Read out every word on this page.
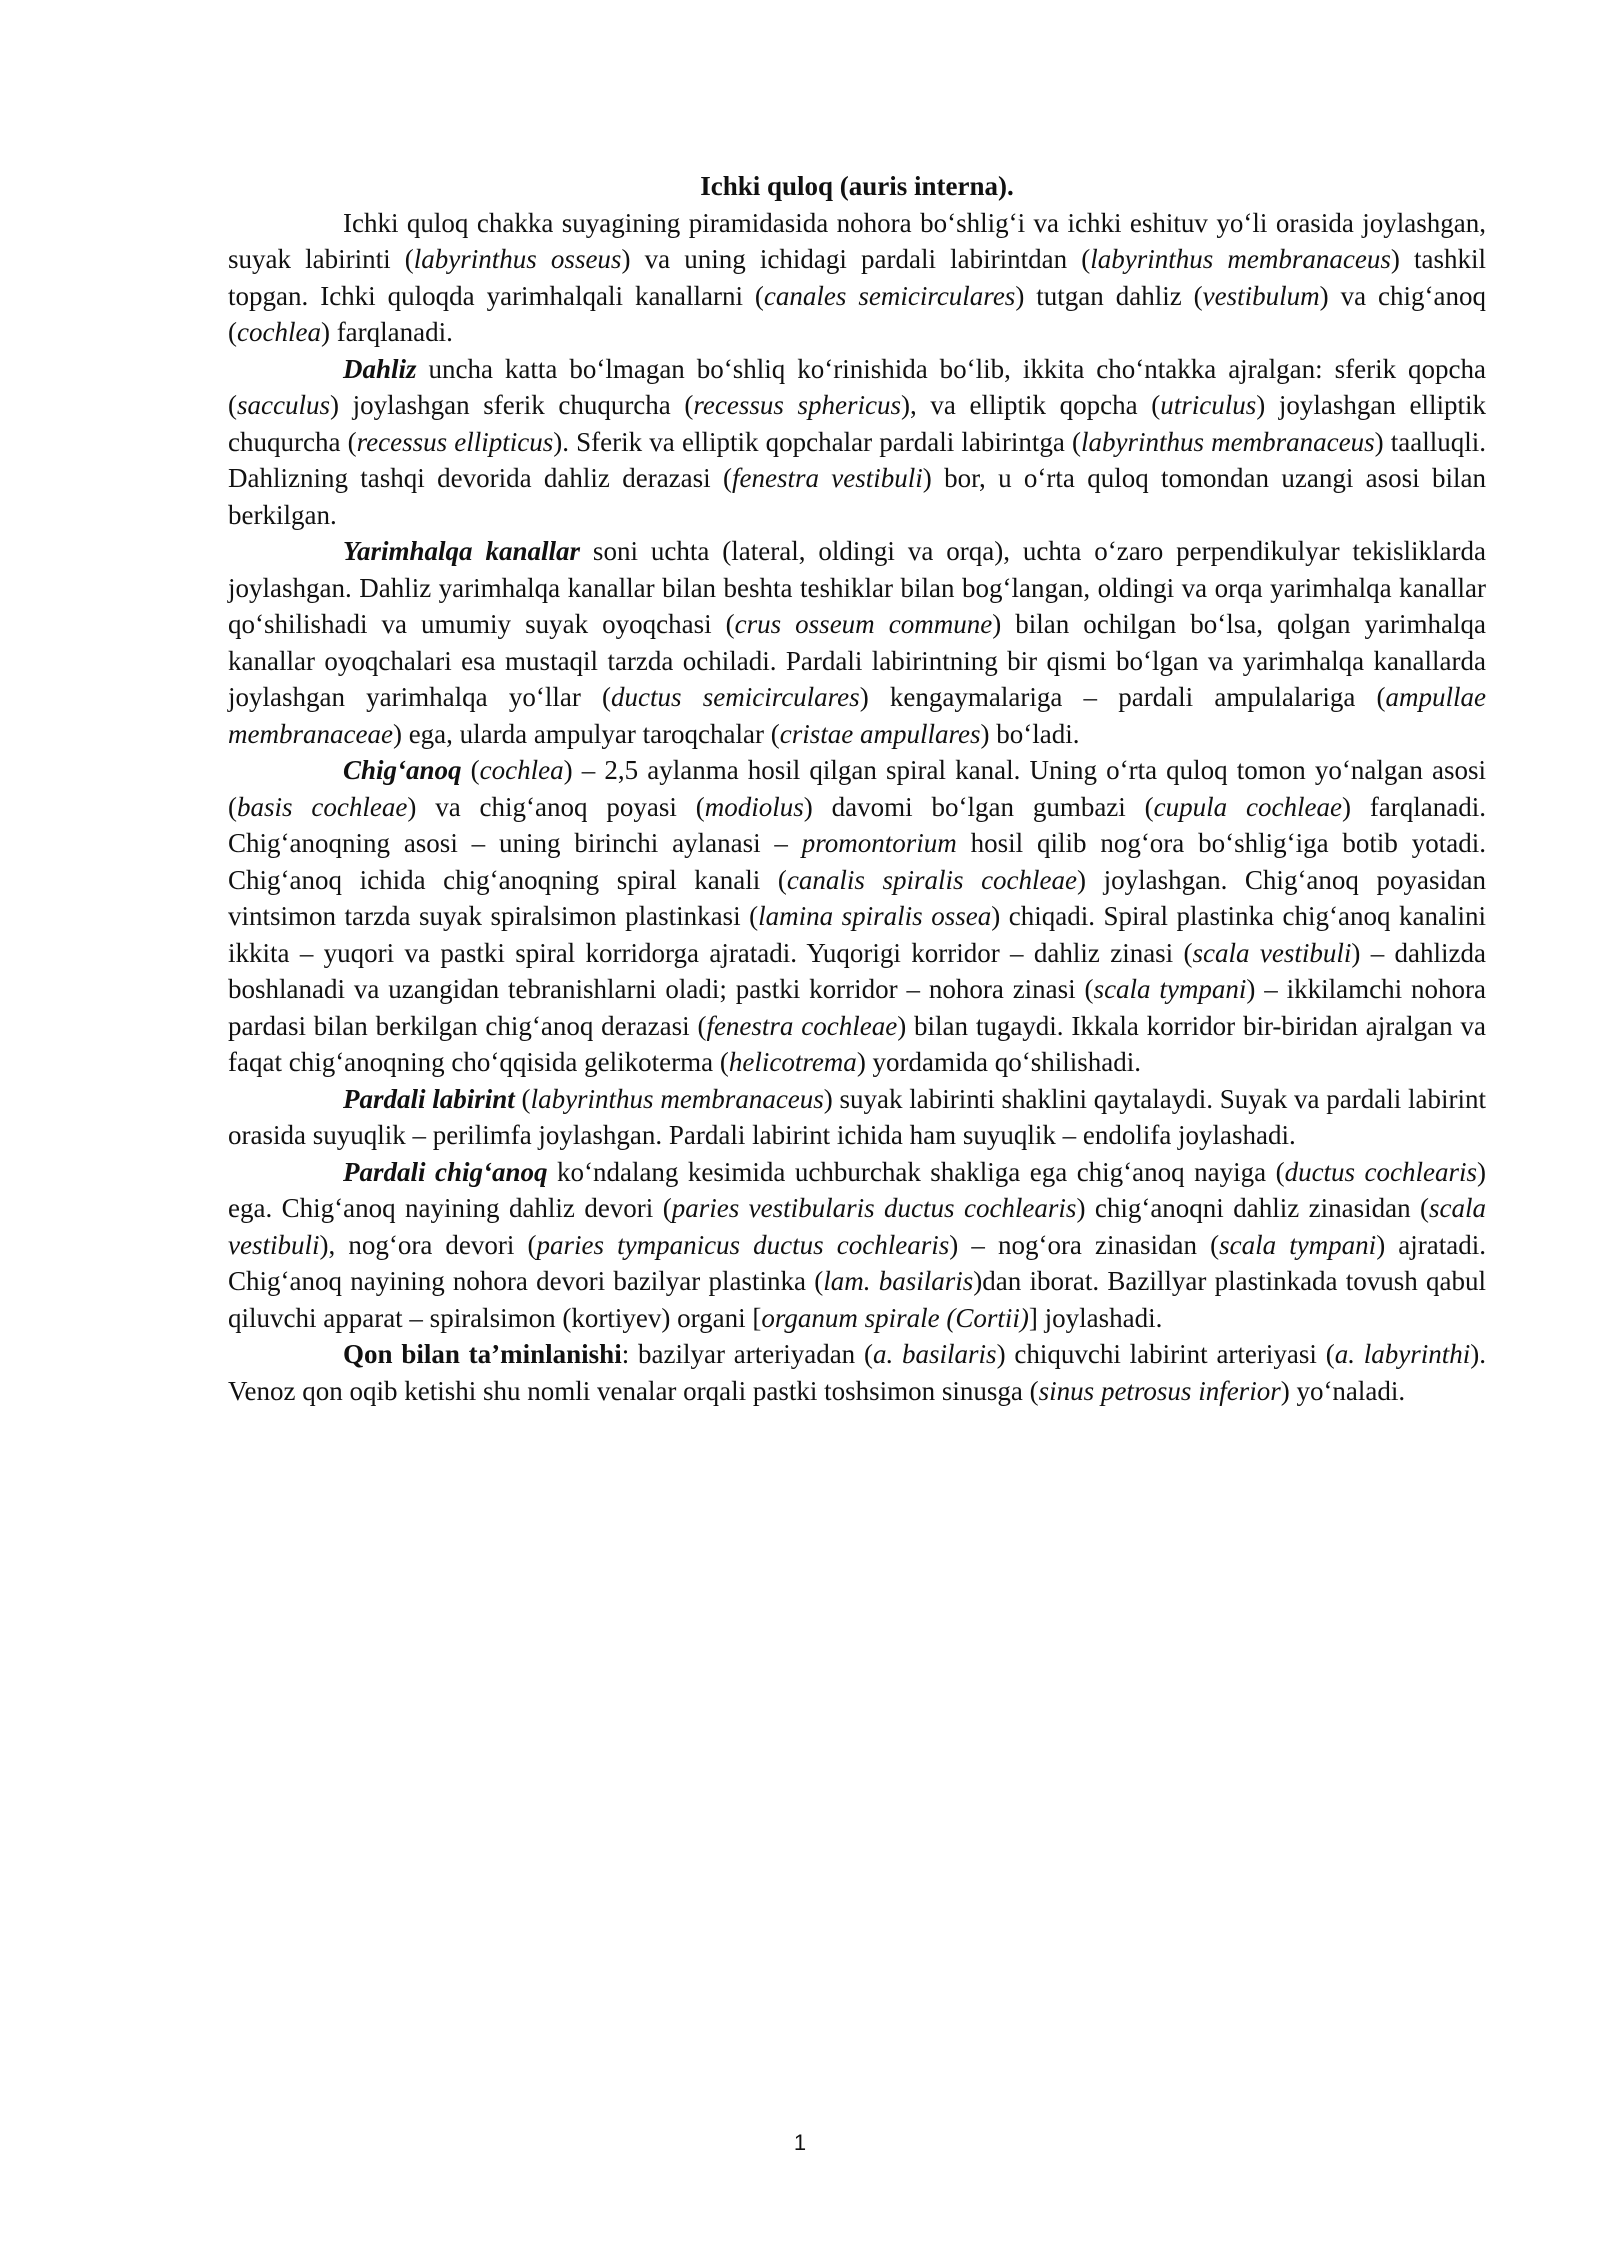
Ichki quloq (auris interna).

Ichki quloq chakka suyagining piramidasida nohora bo‘shlig‘i va ichki eshituv yo‘li orasida joylashgan, suyak labirinti (labyrinthus osseus) va uning ichidagi pardali labirintdan (labyrinthus membranaceus) tashkil topgan. Ichki quloqda yarimhalqali kanallarni (canales semicirculares) tutgan dahliz (vestibulum) va chig‘anoq (cochlea) farqlanadi.

Dahliz uncha katta bo‘lmagan bo‘shliq ko‘rinishida bo‘lib, ikkita cho‘ntakka ajralgan: sferik qopcha (sacculus) joylashgan sferik chuqurcha (recessus sphericus), va elliptik qopcha (utriculus) joylashgan elliptik chuqurcha (recessus ellipticus). Sferik va elliptik qopchalar pardali labirintga (labyrinthus membranaceus) taalluqli. Dahlizning tashqi devorida dahliz derazasi (fenestra vestibuli) bor, u o‘rta quloq tomondan uzangi asosi bilan berkilgan.

Yarimhalqa kanallar soni uchta (lateral, oldingi va orqa), uchta o‘zaro perpendikulyar tekisliklarda joylashgan. Dahliz yarimhalqa kanallar bilan beshta teshiklar bilan bog‘langan, oldingi va orqa yarimhalqa kanallar qo‘shilishadi va umumiy suyak oyoqchasi (crus osseum commune) bilan ochilgan bo‘lsa, qolgan yarimhalqa kanallar oyoqchalari esa mustaqil tarzda ochiladi. Pardali labirintning bir qismi bo‘lgan va yarimhalqa kanallarda joylashgan yarimhalqa yo‘llar (ductus semicirculares) kengaymalariga – pardali ampulalariga (ampullae membranaceae) ega, ularda ampulyar taroqchalar (cristae ampullares) bo‘ladi.

Chig‘anoq (cochlea) – 2,5 aylanma hosil qilgan spiral kanal. Uning o‘rta quloq tomon yo‘nalgan asosi (basis cochleae) va chig‘anoq poyasi (modiolus) davomi bo‘lgan gumbazi (cupula cochleae) farqlanadi. Chig‘anoqning asosi – uning birinchi aylanasi – promontorium hosil qilib nog‘ora bo‘shlig‘iga botib yotadi. Chig‘anoq ichida chig‘anoqning spiral kanali (canalis spiralis cochleae) joylashgan. Chig‘anoq poyasidan vintsimon tarzda suyak spiralsimon plastinkasi (lamina spiralis ossea) chiqadi. Spiral plastinka chig‘anoq kanalini ikkita – yuqori va pastki spiral korridorga ajratadi. Yuqorigi korridor – dahliz zinasi (scala vestibuli) – dahlizda boshlanadi va uzangidan tebranishlarni oladi; pastki korridor – nohora zinasi (scala tympani) – ikkilamchi nohora pardasi bilan berkilgan chig‘anoq derazasi (fenestra cochleae) bilan tugaydi. Ikkala korridor bir-biridan ajralgan va faqat chig‘anoqning cho‘qqisida gelikoterma (helicotrema) yordamida qo‘shilishadi.

Pardali labirint (labyrinthus membranaceus) suyak labirinti shaklini qaytalaydi. Suyak va pardali labirint orasida suyuqlik – perilimfa joylashgan. Pardali labirint ichida ham suyuqlik – endolifa joylashadi.

Pardali chig‘anoq ko‘ndalang kesimida uchburchak shakliga ega chig‘anoq nayiga (ductus cochlearis) ega. Chig‘anoq nayining dahliz devori (paries vestibularis ductus cochlearis) chig‘anoqni dahliz zinasidan (scala vestibuli), nog‘ora devori (paries tympanicus ductus cochlearis) – nog‘ora zinasidan (scala tympani) ajratadi. Chig‘anoq nayining nohora devori bazilyar plastinka (lam. basilaris)dan iborat. Bazillyar plastinkada tovush qabul qiluvchi apparat – spiralsimon (kortiyev) organi [organum spirale (Cortii)] joylashadi.

Qon bilan ta’minlanishi: bazilyar arteriyadan (a. basilaris) chiquvchi labirint arteriyasi (a. labyrinthi). Venoz qon oqib ketishi shu nomli venalar orqali pastki toshsimon sinusga (sinus petrosus inferior) yo‘naladi.

1
